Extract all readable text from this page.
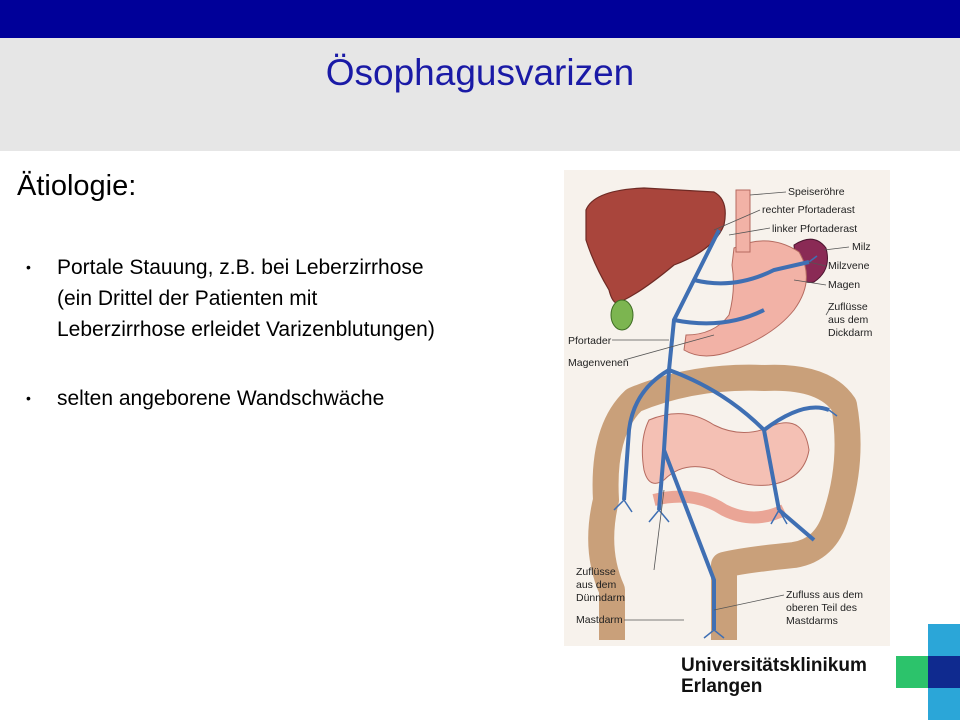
Ösophagusvarizen
Ätiologie:
• Portale Stauung, z.B. bei Leberzirrhose
(ein Drittel der Patienten mit
Leberzirrhose erleidet Varizenblutungen)
• selten angeborene Wandschwäche
Speiseröhre
rechter Pfortaderast
linker Pfortaderast
Milz
Milzvene
Magen
Zuflüsse
aus dem
Dickdarm
Pfortader
Magenvenen
Zuflüsse
aus dem
Dünndarm	Zufluss aus dem
oberen Teil des
Mastdarms
Mastdarm
Universitätsklinikum
Erlangen
